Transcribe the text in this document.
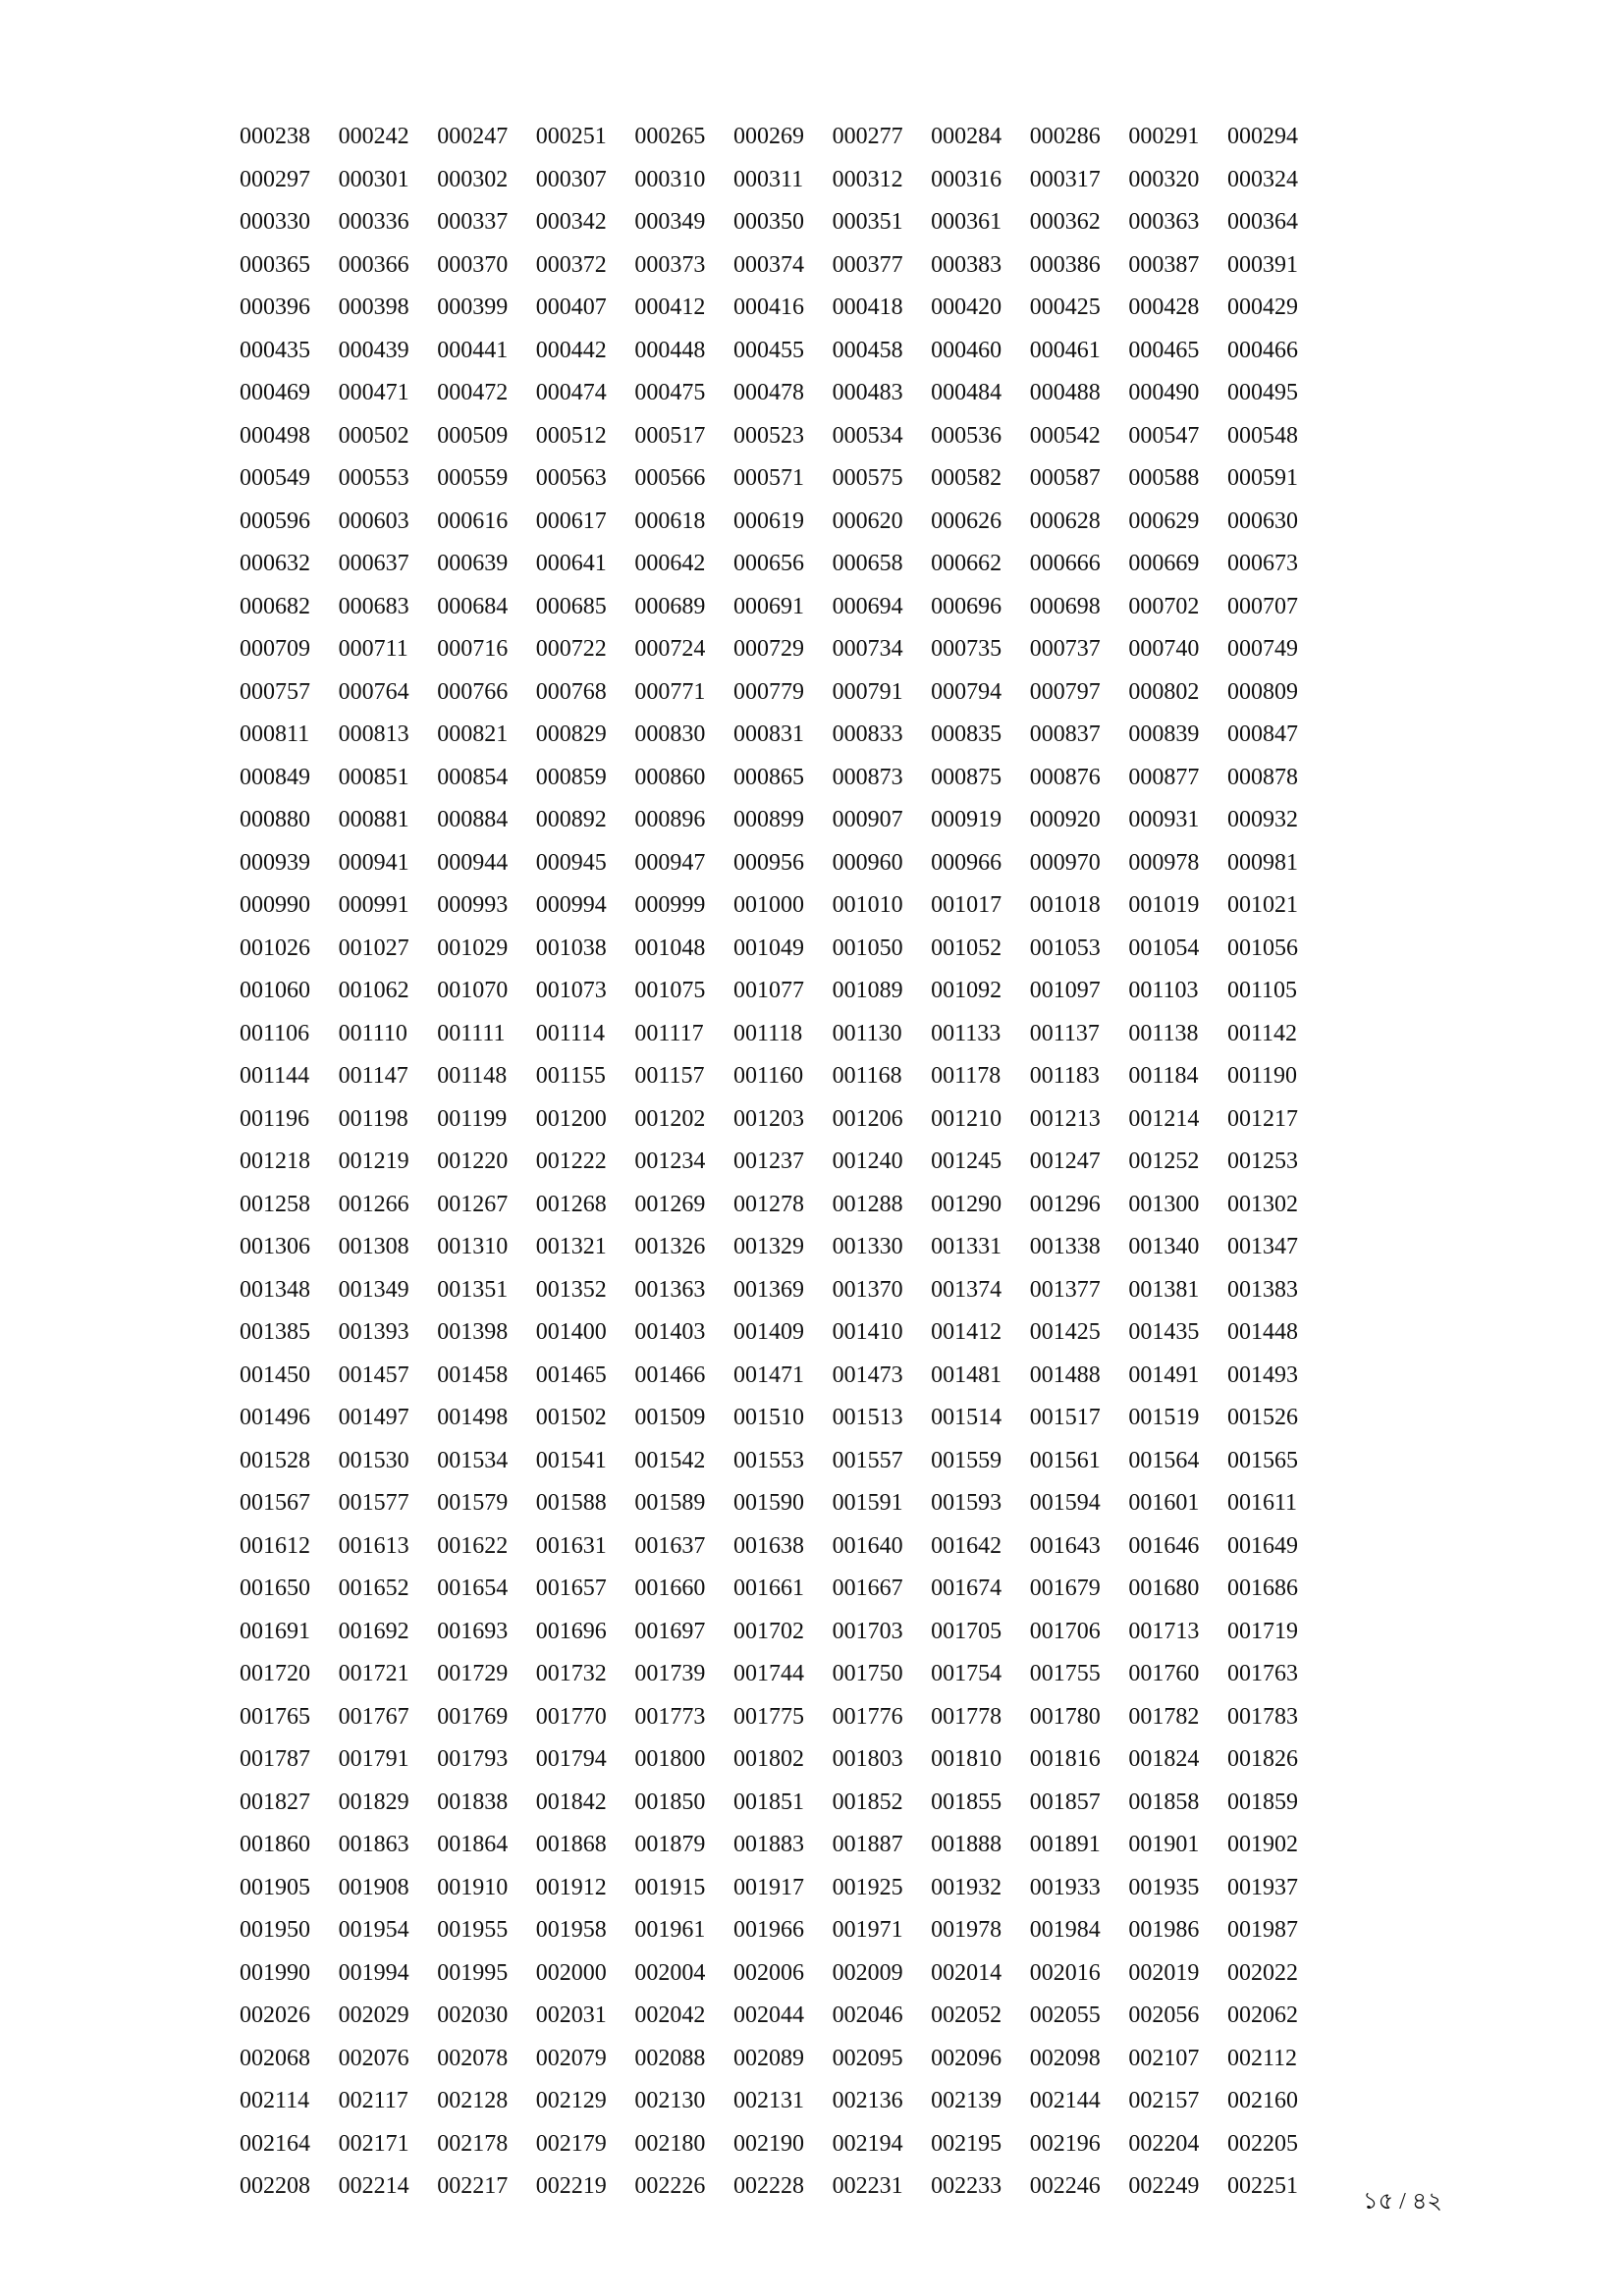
000238	000242	000247	000251	000265	000269	000277	000284	000286	000291	000294
000297	000301	000302	000307	000310	000311	000312	000316	000317	000320	000324
000330	000336	000337	000342	000349	000350	000351	000361	000362	000363	000364
000365	000366	000370	000372	000373	000374	000377	000383	000386	000387	000391
000396	000398	000399	000407	000412	000416	000418	000420	000425	000428	000429
000435	000439	000441	000442	000448	000455	000458	000460	000461	000465	000466
000469	000471	000472	000474	000475	000478	000483	000484	000488	000490	000495
000498	000502	000509	000512	000517	000523	000534	000536	000542	000547	000548
000549	000553	000559	000563	000566	000571	000575	000582	000587	000588	000591
000596	000603	000616	000617	000618	000619	000620	000626	000628	000629	000630
000632	000637	000639	000641	000642	000656	000658	000662	000666	000669	000673
000682	000683	000684	000685	000689	000691	000694	000696	000698	000702	000707
000709	000711	000716	000722	000724	000729	000734	000735	000737	000740	000749
000757	000764	000766	000768	000771	000779	000791	000794	000797	000802	000809
000811	000813	000821	000829	000830	000831	000833	000835	000837	000839	000847
000849	000851	000854	000859	000860	000865	000873	000875	000876	000877	000878
000880	000881	000884	000892	000896	000899	000907	000919	000920	000931	000932
000939	000941	000944	000945	000947	000956	000960	000966	000970	000978	000981
000990	000991	000993	000994	000999	001000	001010	001017	001018	001019	001021
001026	001027	001029	001038	001048	001049	001050	001052	001053	001054	001056
001060	001062	001070	001073	001075	001077	001089	001092	001097	001103	001105
001106	001110	001111	001114	001117	001118	001130	001133	001137	001138	001142
001144	001147	001148	001155	001157	001160	001168	001178	001183	001184	001190
001196	001198	001199	001200	001202	001203	001206	001210	001213	001214	001217
001218	001219	001220	001222	001234	001237	001240	001245	001247	001252	001253
001258	001266	001267	001268	001269	001278	001288	001290	001296	001300	001302
001306	001308	001310	001321	001326	001329	001330	001331	001338	001340	001347
001348	001349	001351	001352	001363	001369	001370	001374	001377	001381	001383
001385	001393	001398	001400	001403	001409	001410	001412	001425	001435	001448
001450	001457	001458	001465	001466	001471	001473	001481	001488	001491	001493
001496	001497	001498	001502	001509	001510	001513	001514	001517	001519	001526
001528	001530	001534	001541	001542	001553	001557	001559	001561	001564	001565
001567	001577	001579	001588	001589	001590	001591	001593	001594	001601	001611
001612	001613	001622	001631	001637	001638	001640	001642	001643	001646	001649
001650	001652	001654	001657	001660	001661	001667	001674	001679	001680	001686
001691	001692	001693	001696	001697	001702	001703	001705	001706	001713	001719
001720	001721	001729	001732	001739	001744	001750	001754	001755	001760	001763
001765	001767	001769	001770	001773	001775	001776	001778	001780	001782	001783
001787	001791	001793	001794	001800	001802	001803	001810	001816	001824	001826
001827	001829	001838	001842	001850	001851	001852	001855	001857	001858	001859
001860	001863	001864	001868	001879	001883	001887	001888	001891	001901	001902
001905	001908	001910	001912	001915	001917	001925	001932	001933	001935	001937
001950	001954	001955	001958	001961	001966	001971	001978	001984	001986	001987
001990	001994	001995	002000	002004	002006	002009	002014	002016	002019	002022
002026	002029	002030	002031	002042	002044	002046	002052	002055	002056	002062
002068	002076	002078	002079	002088	002089	002095	002096	002098	002107	002112
002114	002117	002128	002129	002130	002131	002136	002139	002144	002157	002160
002164	002171	002178	002179	002180	002190	002194	002195	002196	002204	002205
002208	002214	002217	002219	002226	002228	002231	002233	002246	002249	002251
১৫ / ৪২
